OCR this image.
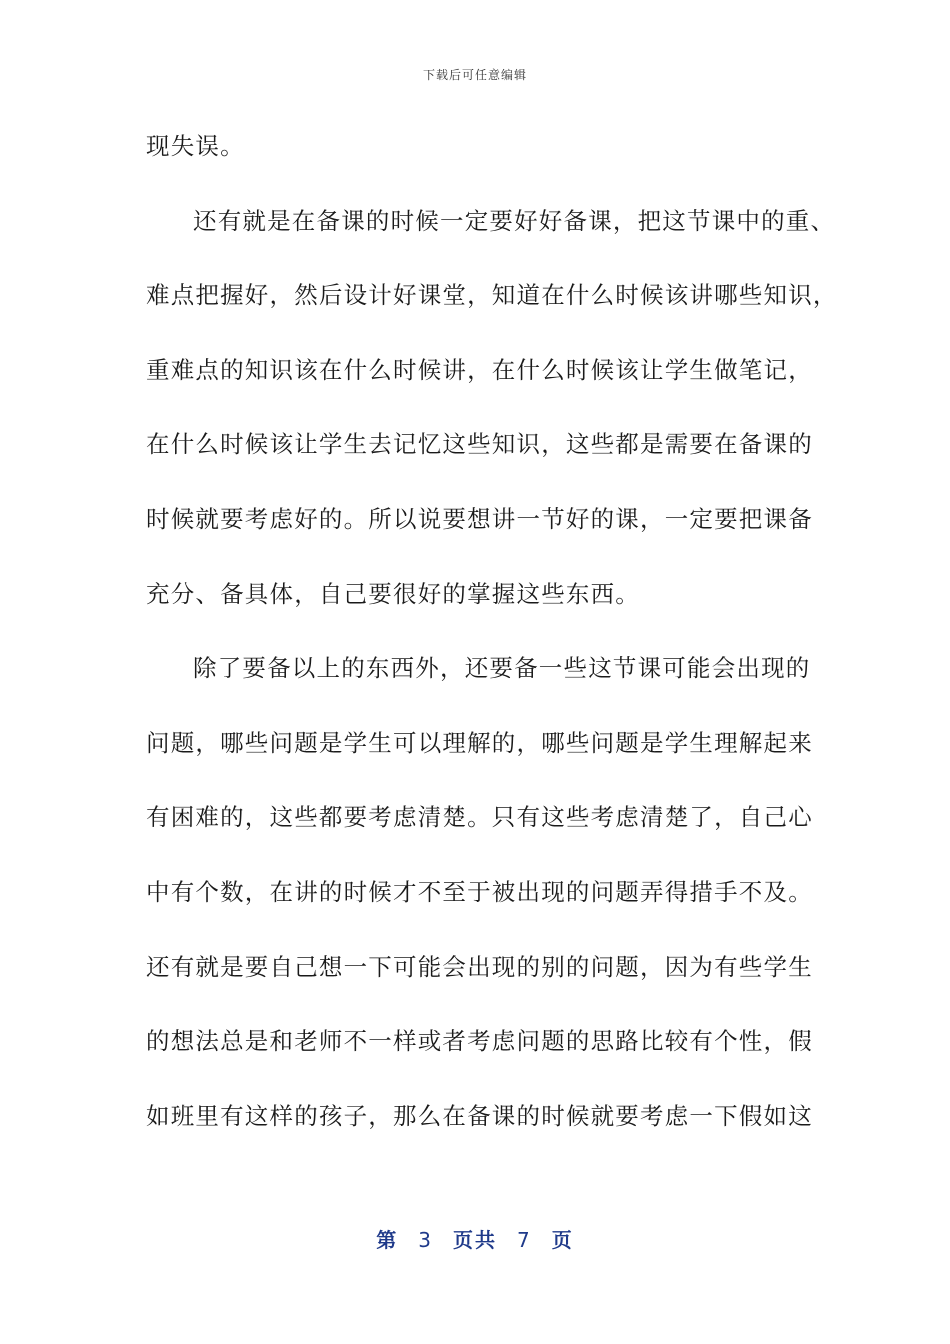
下载后可任意编辑
现失误。
还有就是在备课的时候一定要好好备课，把这节课中的重、
难点把握好，然后设计好课堂，知道在什么时候该讲哪些知识，
重难点的知识该在什么时候讲，在什么时候该让学生做笔记，
在什么时候该让学生去记忆这些知识，这些都是需要在备课的
时候就要考虑好的。所以说要想讲一节好的课，一定要把课备
充分、备具体，自己要很好的掌握这些东西。
除了要备以上的东西外，还要备一些这节课可能会出现的
问题，哪些问题是学生可以理解的，哪些问题是学生理解起来
有困难的，这些都要考虑清楚。只有这些考虑清楚了，自己心
中有个数，在讲的时候才不至于被出现的问题弄得措手不及。
还有就是要自己想一下可能会出现的别的问题，因为有些学生
的想法总是和老师不一样或者考虑问题的思路比较有个性，假
如班里有这样的孩子，那么在备课的时候就要考虑一下假如这
第 3 页共 7 页
